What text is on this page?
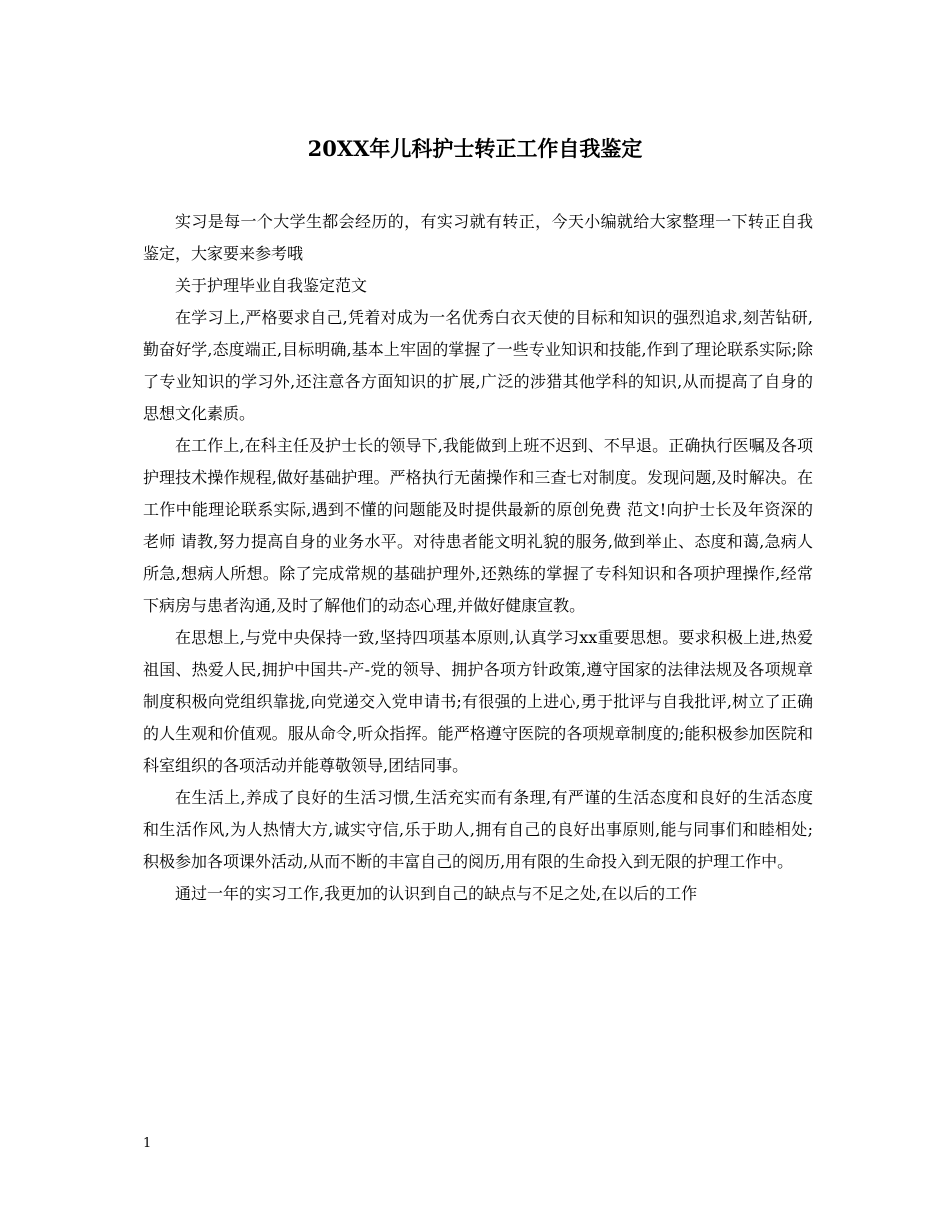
20XX年儿科护士转正工作自我鉴定

实习是每一个大学生都会经历的，有实习就有转正，今天小编就给大家整理一下转正自我鉴定，大家要来参考哦

关于护理毕业自我鉴定范文

在学习上,严格要求自己,凭着对成为一名优秀白衣天使的目标和知识的强烈追求,刻苦钻研,勤奋好学,态度端正,目标明确,基本上牢固的掌握了一些专业知识和技能,作到了理论联系实际;除了专业知识的学习外,还注意各方面知识的扩展,广泛的涉猎其他学科的知识,从而提高了自身的思想文化素质。

在工作上,在科主任及护士长的领导下,我能做到上班不迟到、不早退。正确执行医嘱及各项护理技术操作规程,做好基础护理。严格执行无菌操作和三查七对制度。发现问题,及时解决。在工作中能理论联系实际,遇到不懂的问题能及时提供最新的原创免费 范文!向护士长及年资深的老师 请教,努力提高自身的业务水平。对待患者能文明礼貌的服务,做到举止、态度和蔼,急病人所急,想病人所想。除了完成常规的基础护理外,还熟练的掌握了专科知识和各项护理操作,经常下病房与患者沟通,及时了解他们的动态心理,并做好健康宣教。

在思想上,与党中央保持一致,坚持四项基本原则,认真学习xx重要思想。要求积极上进,热爱祖国、热爱人民,拥护中国共-产-党的领导、拥护各项方针政策,遵守国家的法律法规及各项规章制度积极向党组织靠拢,向党递交入党申请书;有很强的上进心,勇于批评与自我批评,树立了正确的人生观和价值观。服从命令,听众指挥。能严格遵守医院的各项规章制度的;能积极参加医院和科室组织的各项活动并能尊敬领导,团结同事。

在生活上,养成了良好的生活习惯,生活充实而有条理,有严谨的生活态度和良好的生活态度和生活作风,为人热情大方,诚实守信,乐于助人,拥有自己的良好出事原则,能与同事们和睦相处;积极参加各项课外活动,从而不断的丰富自己的阅历,用有限的生命投入到无限的护理工作中。

通过一年的实习工作,我更加的认识到自己的缺点与不足之处,在以后的工作

1
